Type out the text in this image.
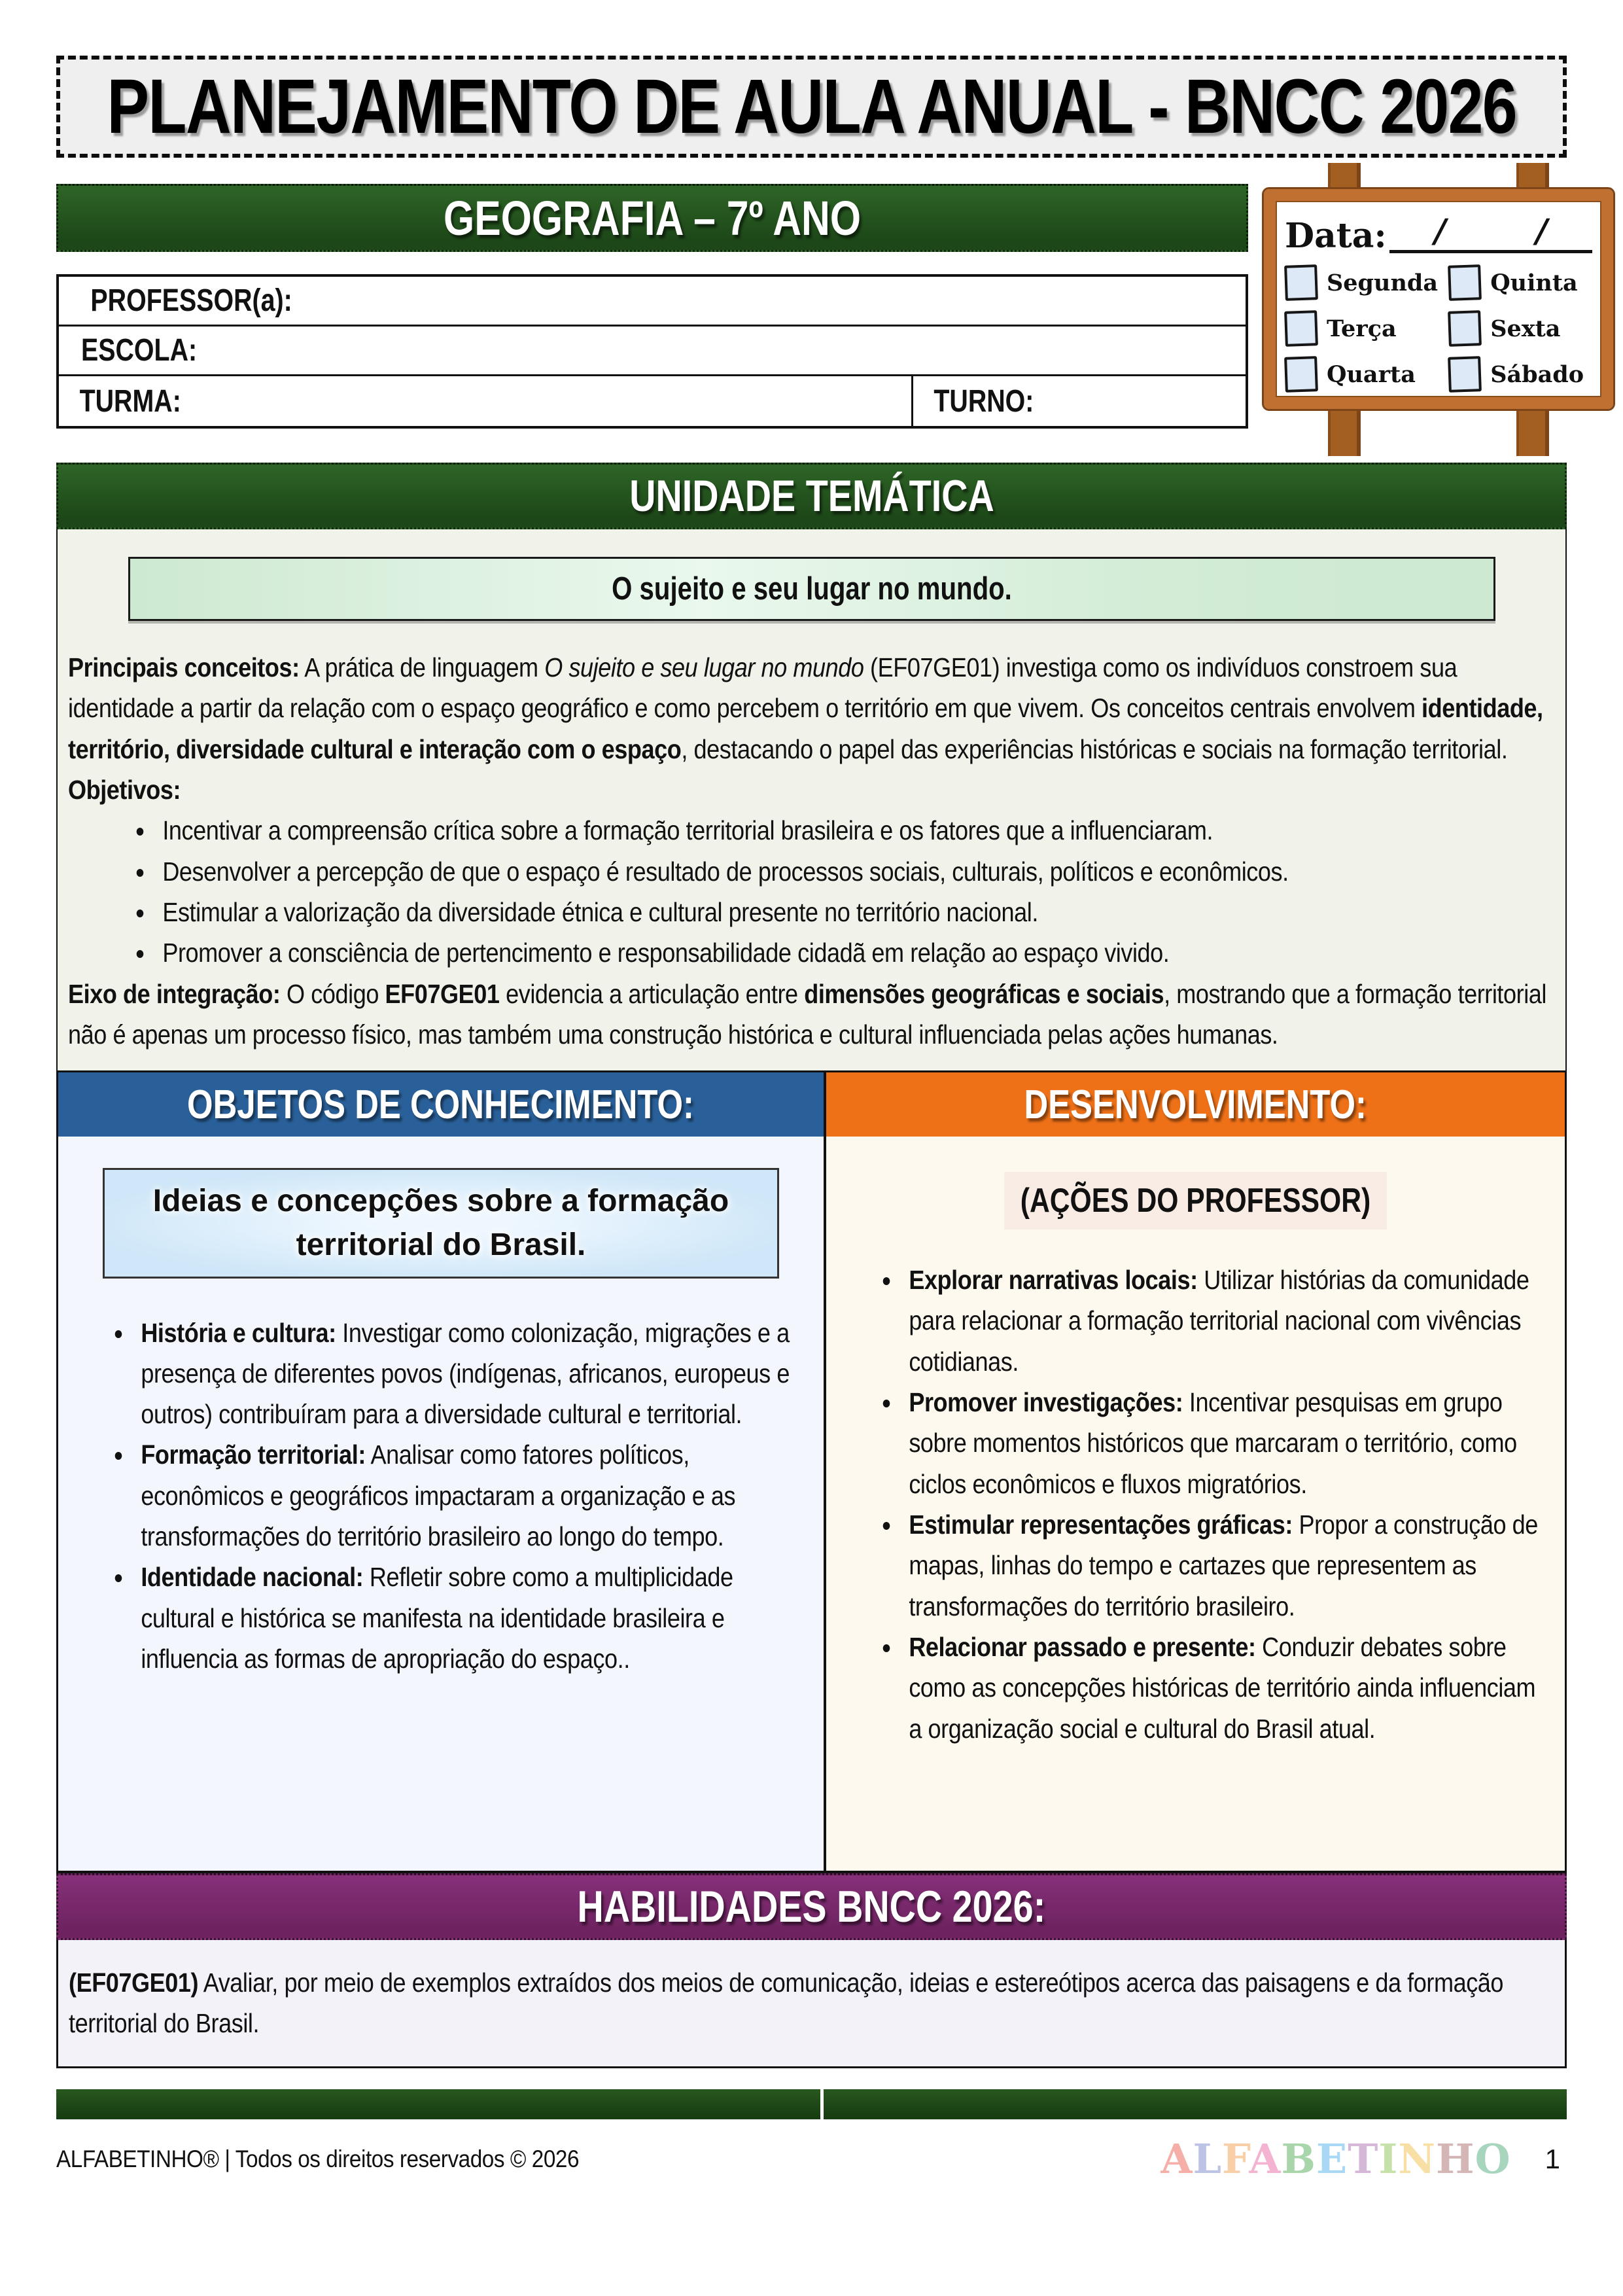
PLANEJAMENTO DE AULA ANUAL - BNCC 2026
GEOGRAFIA – 7º ANO
PROFESSOR(a):
ESCOLA:
TURMA:	TURNO:
Data: /	/
Segunda Quinta
Terça	Sexta
Quarta	Sábado
UNIDADE TEMÁTICA
O sujeito e seu lugar no mundo.

Principais conceitos: A prática de linguagem O sujeito e seu lugar no mundo (EF07GE01) investiga como os indivíduos constroem sua identidade a partir da relação com o espaço geográfico e como percebem o território em que vivem. Os conceitos centrais envolvem identidade, território, diversidade cultural e interação com o espaço, destacando o papel das experiências históricas e sociais na formação territorial.

Objetivos:

• Incentivar a compreensão crítica sobre a formação territorial brasileira e os fatores que a influenciaram.
• Desenvolver a percepção de que o espaço é resultado de processos sociais, culturais, políticos e econômicos.
• Estimular a valorização da diversidade étnica e cultural presente no território nacional.
• Promover a consciência de pertencimento e responsabilidade cidadã em relação ao espaço vivido.

Eixo de integração: O código EF07GE01 evidencia a articulação entre dimensões geográficas e sociais, mostrando que a formação territorial não é apenas um processo físico, mas também uma construção histórica e cultural influenciada pelas ações humanas.

OBJETOS DE CONHECIMENTO:
Ideias e concepções sobre a formação territorial do Brasil.
• História e cultura: Investigar como colonização, migrações e a presença de diferentes povos (indígenas, africanos, europeus e outros) contribuíram para a diversidade cultural e territorial.
• Formação territorial: Analisar como fatores políticos, econômicos e geográficos impactaram a organização e as transformações do território brasileiro ao longo do tempo.
• Identidade nacional: Refletir sobre como a multiplicidade cultural e histórica se manifesta na identidade brasileira e influencia as formas de apropriação do espaço..
DESENVOLVIMENTO:
(AÇÕES DO PROFESSOR)
• Explorar narrativas locais: Utilizar histórias da comunidade para relacionar a formação territorial nacional com vivências cotidianas.
• Promover investigações: Incentivar pesquisas em grupo sobre momentos históricos que marcaram o território, como ciclos econômicos e fluxos migratórios.
• Estimular representações gráficas: Propor a construção de mapas, linhas do tempo e cartazes que representem as transformações do território brasileiro.
• Relacionar passado e presente: Conduzir debates sobre como as concepções históricas de território ainda influenciam a organização social e cultural do Brasil atual.
HABILIDADES BNCC 2026:

(EF07GE01) Avaliar, por meio de exemplos extraídos dos meios de comunicação, ideias e estereótipos acerca das paisagens e da formação territorial do Brasil.

ALFABETINHO® | Todos os direitos reservados © 2026	ALFABETINHO 1
